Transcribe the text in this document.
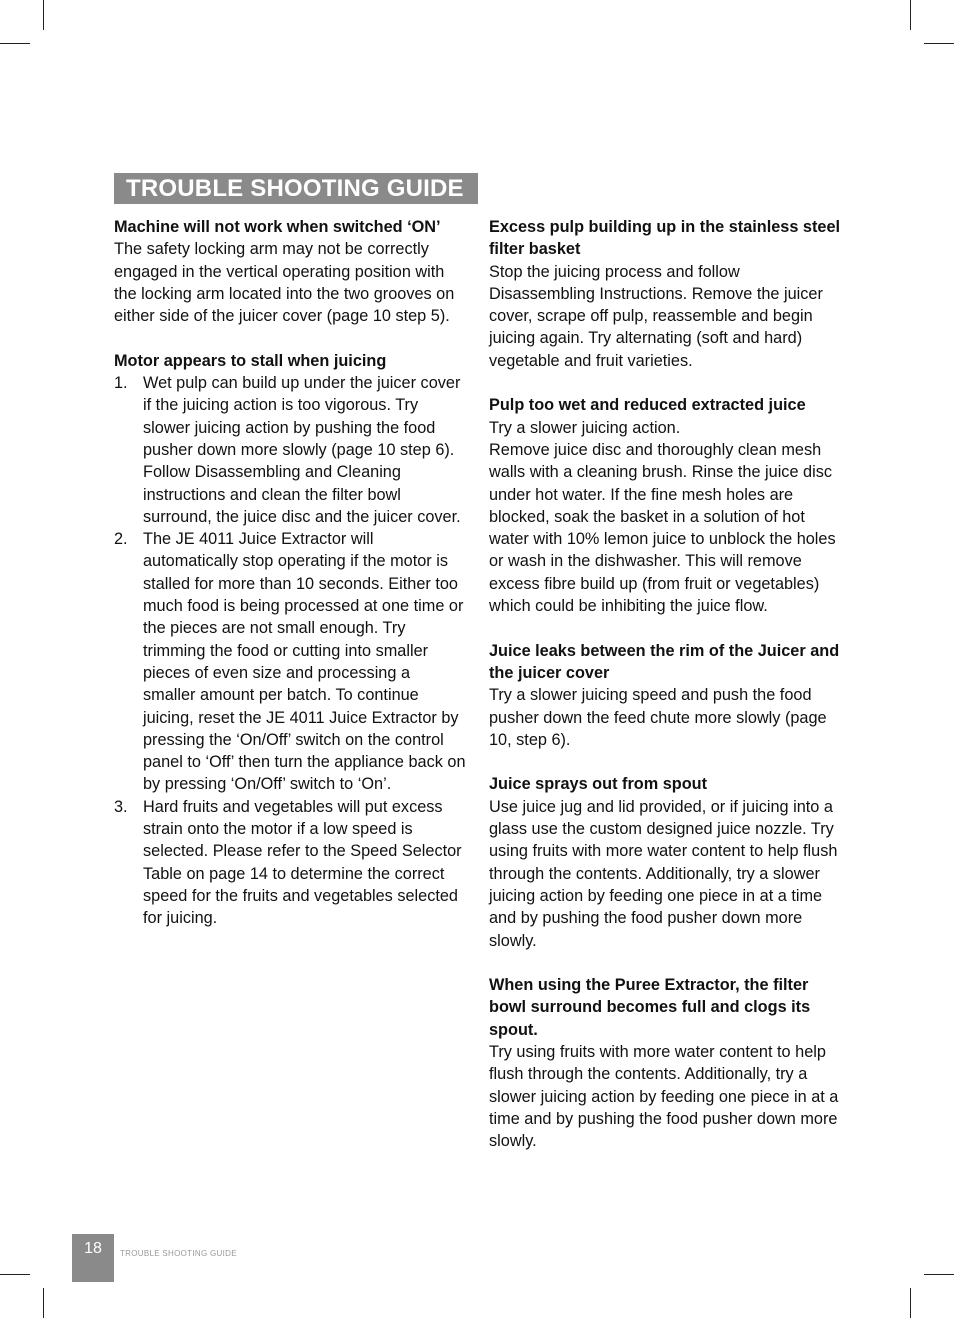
TROUBLE SHOOTING GUIDE

Machine will not work when switched ‘ON’

The safety locking arm may not be correctly engaged in the vertical operating position with the locking arm located into the two grooves on either side of the juicer cover (page 10 step 5).

Motor appears to stall when juicing

1. Wet pulp can build up under the juicer cover if the juicing action is too vigorous. Try slower juicing action by pushing the food pusher down more slowly (page 10 step 6). Follow Disassembling and Cleaning instructions and clean the filter bowl surround, the juice disc and the juicer cover.
2. The JE 4011 Juice Extractor will automatically stop operating if the motor is stalled for more than 10 seconds. Either too much food is being processed at one time or the pieces are not small enough. Try trimming the food or cutting into smaller pieces of even size and processing a smaller amount per batch. To continue juicing, reset the JE 4011 Juice Extractor by pressing the ‘On/Off’ switch on the control panel to ‘Off’ then turn the appliance back on by pressing ‘On/Off’ switch to ‘On’.
3. Hard fruits and vegetables will put excess strain onto the motor if a low speed is selected. Please refer to the Speed Selector Table on page 14 to determine the correct speed for the fruits and vegetables selected for juicing.

Excess pulp building up in the stainless steel filter basket

Stop the juicing process and follow Disassembling Instructions. Remove the juicer cover, scrape off pulp, reassemble and begin juicing again. Try alternating (soft and hard) vegetable and fruit varieties.

Pulp too wet and reduced extracted juice

Try a slower juicing action.

Remove juice disc and thoroughly clean mesh walls with a cleaning brush. Rinse the juice disc under hot water. If the fine mesh holes are blocked, soak the basket in a solution of hot water with 10% lemon juice to unblock the holes or wash in the dishwasher. This will remove excess fibre build up (from fruit or vegetables) which could be inhibiting the juice flow.

Juice leaks between the rim of the Juicer and the juicer cover

Try a slower juicing speed and push the food pusher down the feed chute more slowly (page 10, step 6).

Juice sprays out from spout

Use juice jug and lid provided, or if juicing into a glass use the custom designed juice nozzle. Try using fruits with more water content to help flush through the contents. Additionally, try a slower juicing action by feeding one piece in at a time and by pushing the food pusher down more slowly.

When using the Puree Extractor, the filter bowl surround becomes full and clogs its spout.

Try using fruits with more water content to help flush through the contents. Additionally, try a slower juicing action by feeding one piece in at a time and by pushing the food pusher down more slowly.

18	TROUBLE SHOOTING GUIDE
